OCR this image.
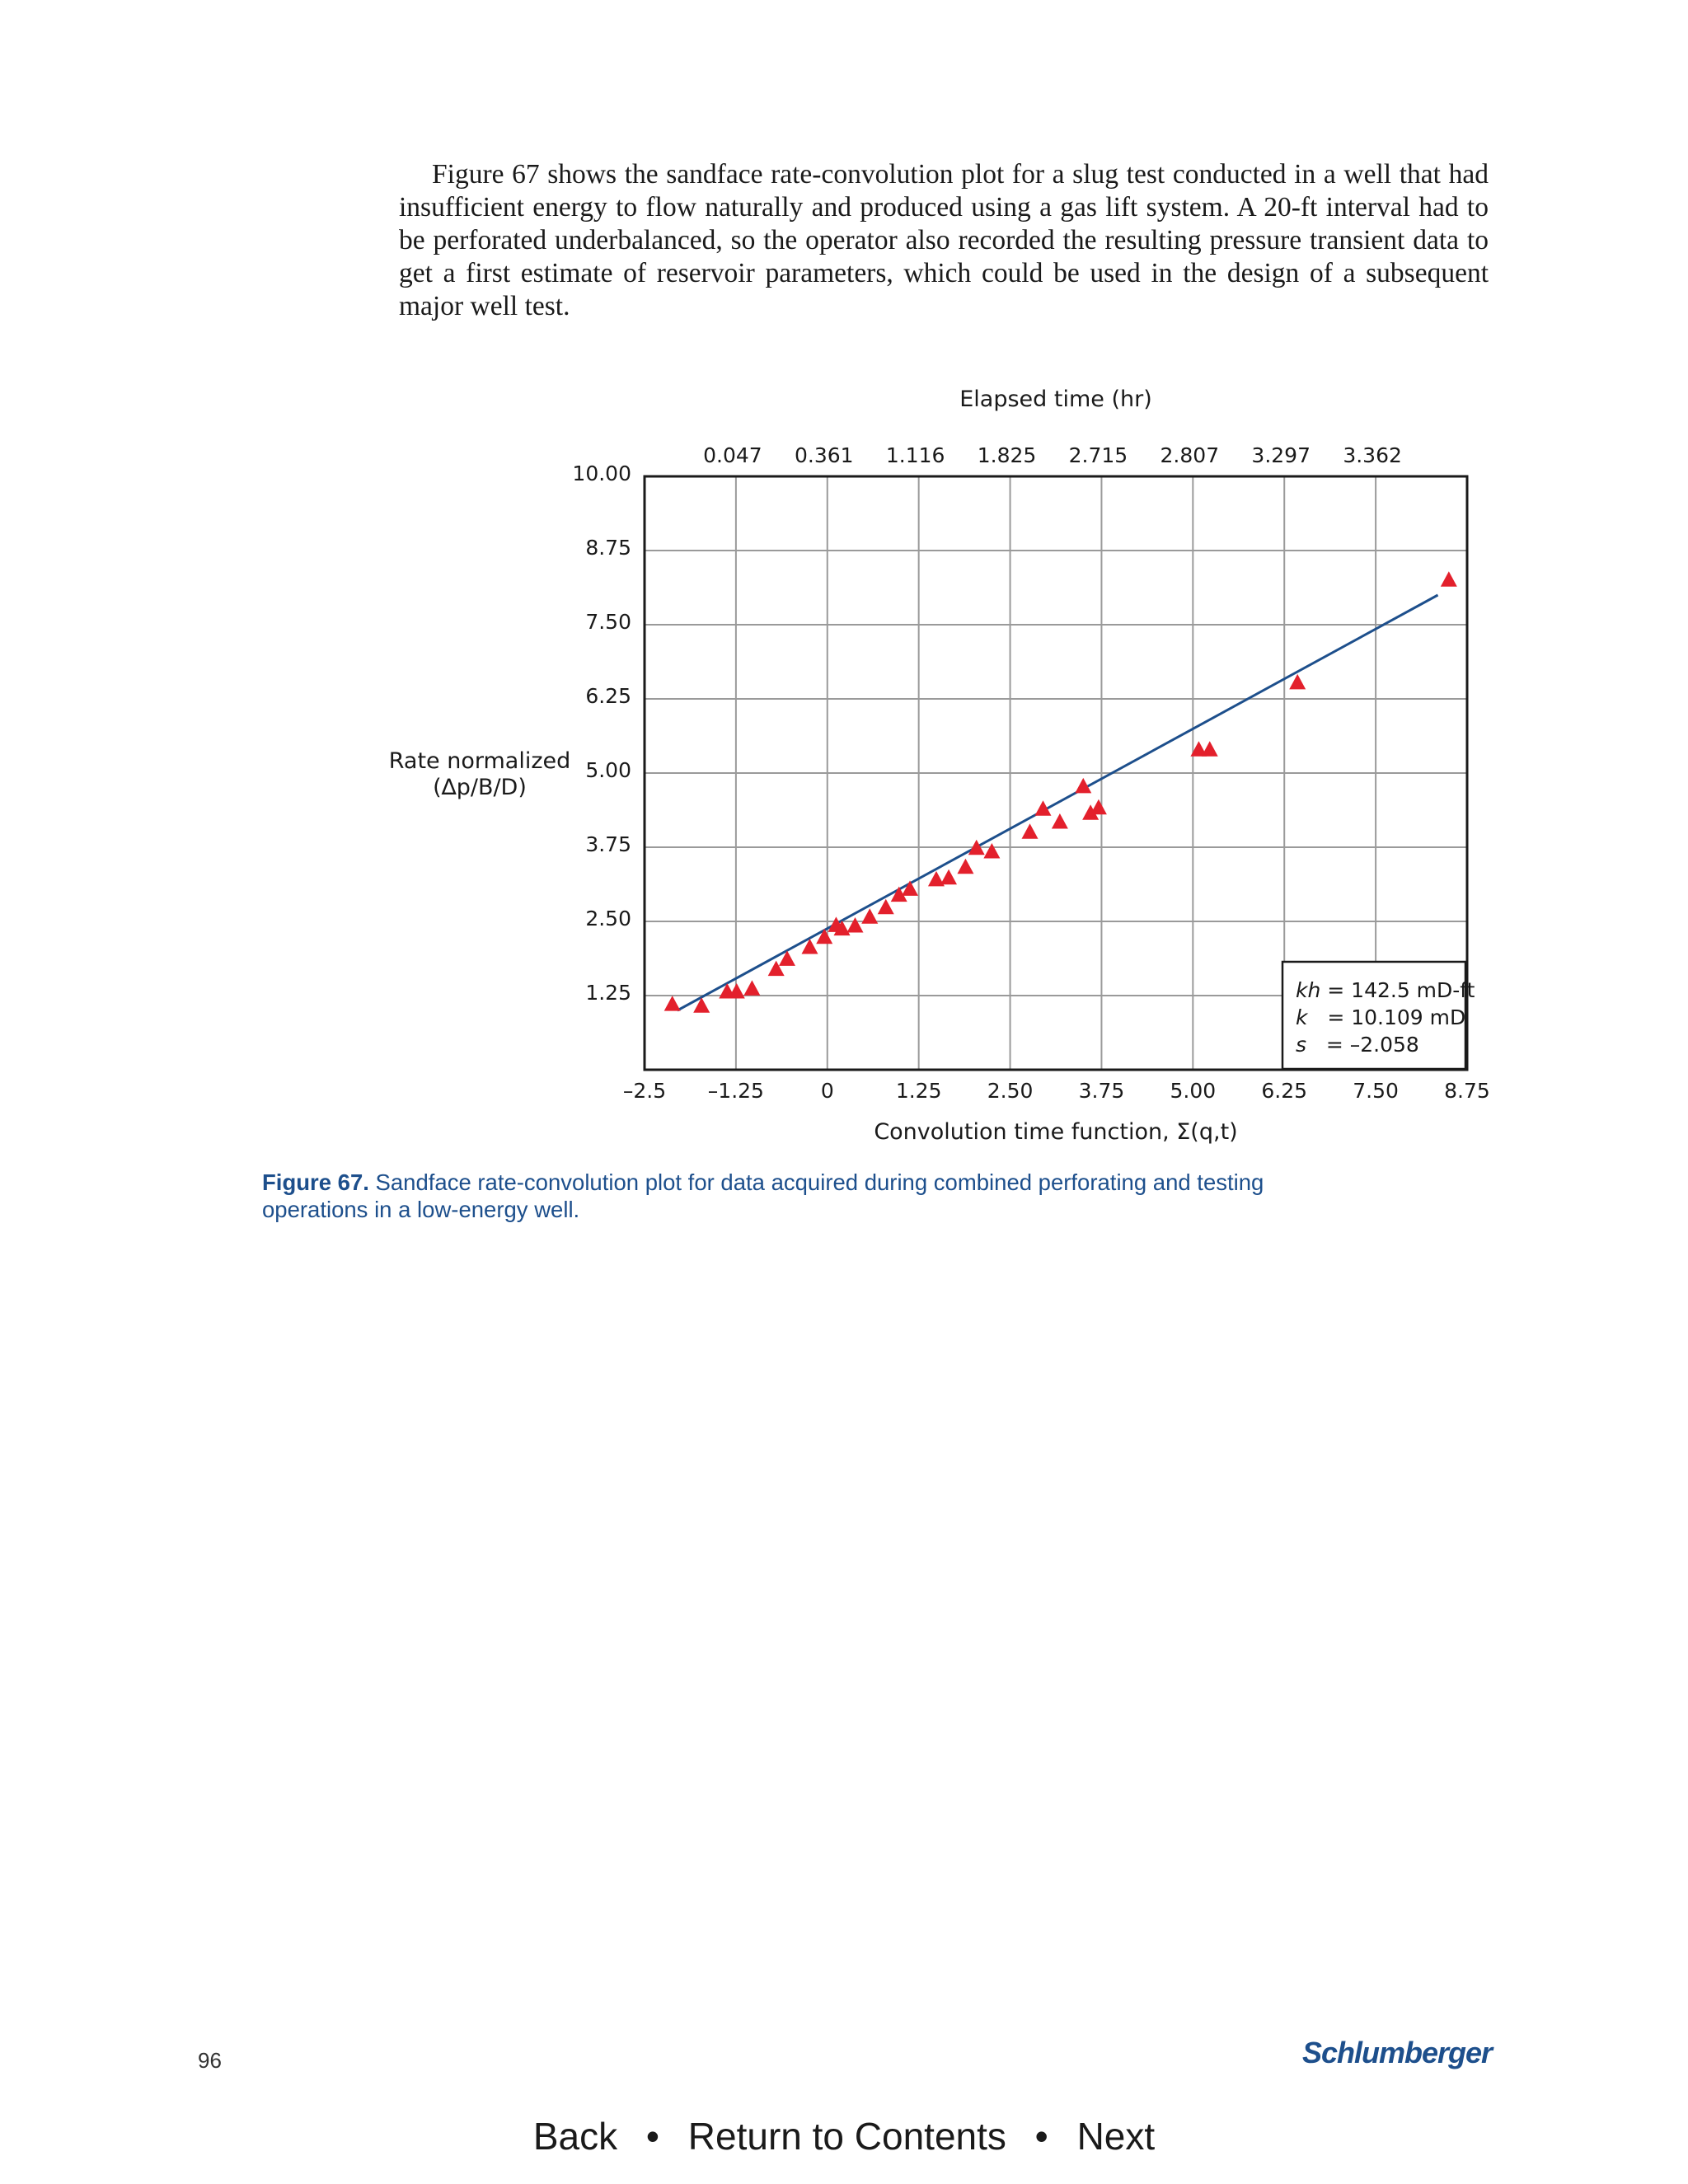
Figure 67 shows the sandface rate-convolution plot for a slug test conducted in a well that had insufficient energy to flow naturally and produced using a gas lift system. A 20-ft interval had to be perforated underbalanced, so the operator also recorded the resulting pressure transient data to get a first estimate of reservoir parameters, which could be used in the design of a subsequent major well test.

Elapsed time (hr)
0.047 0.361 1.116 1.825 2.715 2.807 3.297 3.362
–2.5 –1.25	0	1.25 2.50 3.75 5.00 6.25 7.50 8.75
10.00
8.75
7.50
6.25
5.00
3.75
2.50
1.25
Rate normalized
(∆p/B/D)
Convolution time function, Σ(q,t)
kh = 142.5 mD-ft
k   = 10.109 mD
s   = –2.058
Figure 67. Sandface rate-convolution plot for data acquired during combined perforating and testing operations in a low-energy well.
96	Schlumberger
Back • Return to Contents • Next
